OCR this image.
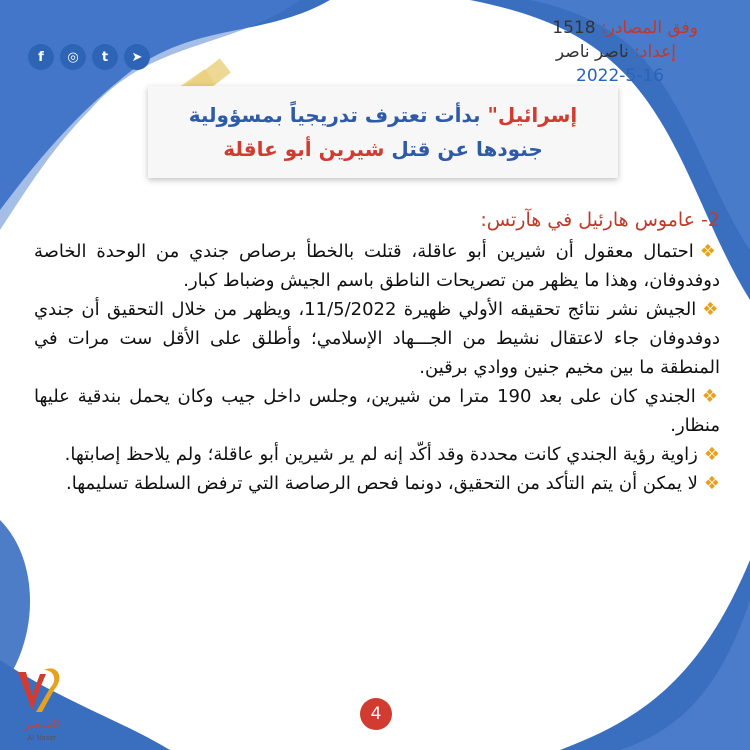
f	◎	t	➤
وفق المصادر: 1518
إعداد: ناصر ناصر
2022-5-16
إسرائيل" بدأت تعترف تدريجياً بمسؤولية
جنودها عن قتل شيرين أبو عاقلة
2- عاموس هارئيل في هآرتس:

❖احتمال معقول أن شيرين أبو عاقلة، قتلت بالخطأ برصاص جندي من الوحدة الخاصة دوفدوفان، وهذا ما يظهر من تصريحات الناطق باسم الجيش وضباط كبار.

❖الجيش نشر نتائج تحقيقه الأولي ظهيرة 11/5/2022، ويظهر من خلال التحقيق أن جندي دوفدوفان جاء لاعتقال نشيط من الجـــهاد الإسلامي؛ وأطلق على الأقل ست مرات في المنطقة ما بين مخيم جنين ووادي برقين.

❖الجندي كان على بعد 190 مترا من شيرين، وجلس داخل جيب وكان يحمل بندقية عليها منظار.

❖زاوية رؤية الجندي كانت محددة وقد أكّد إنه لم ير شيرين أبو عاقلة؛ ولم يلاحظ إصابتها.

❖لا يمكن أن يتم التأكد من التحقيق، دونما فحص الرصاصة التي ترفض السلطة تسليمها.

المناصر
Al Naser
4
